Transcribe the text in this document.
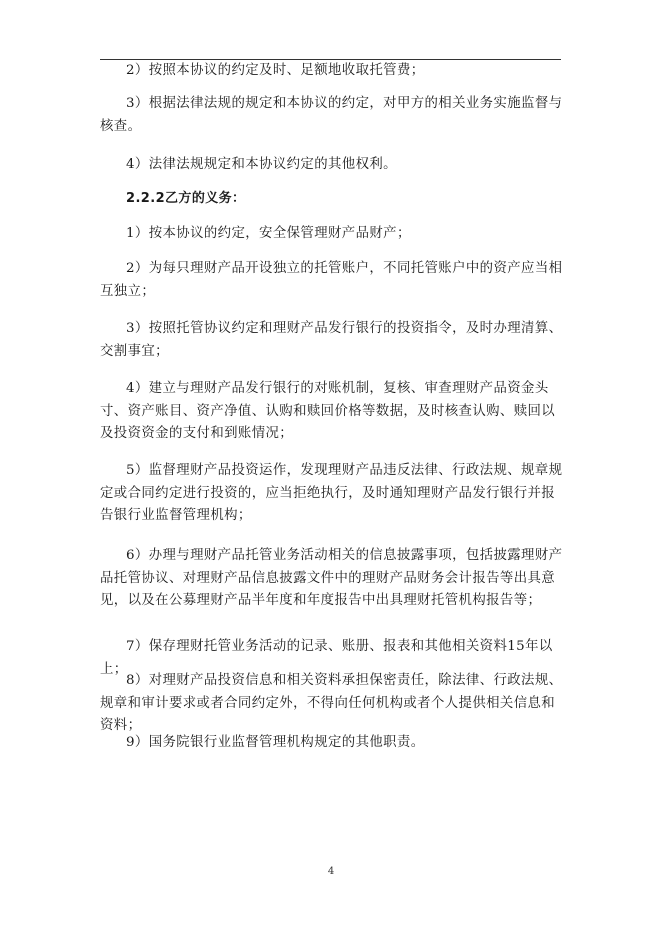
2）按照本协议的约定及时、足额地收取托管费；

3）根据法律法规的规定和本协议的约定，对甲方的相关业务实施监督与核查。

4）法律法规规定和本协议约定的其他权利。

2.2.2乙方的义务：

1）按本协议的约定，安全保管理财产品财产；

2）为每只理财产品开设独立的托管账户，不同托管账户中的资产应当相互独立；

3）按照托管协议约定和理财产品发行银行的投资指令，及时办理清算、交割事宜；

4）建立与理财产品发行银行的对账机制，复核、审查理财产品资金头寸、资产账目、资产净值、认购和赎回价格等数据，及时核查认购、赎回以及投资资金的支付和到账情况；

5）监督理财产品投资运作，发现理财产品违反法律、行政法规、规章规定或合同约定进行投资的，应当拒绝执行，及时通知理财产品发行银行并报告银行业监督管理机构；

6）办理与理财产品托管业务活动相关的信息披露事项，包括披露理财产品托管协议、对理财产品信息披露文件中的理财产品财务会计报告等出具意见，以及在公募理财产品半年度和年度报告中出具理财托管机构报告等；

7）保存理财托管业务活动的记录、账册、报表和其他相关资料15年以上；

8）对理财产品投资信息和相关资料承担保密责任，除法律、行政法规、规章和审计要求或者合同约定外，不得向任何机构或者个人提供相关信息和资料；

9）国务院银行业监督管理机构规定的其他职责。

4
